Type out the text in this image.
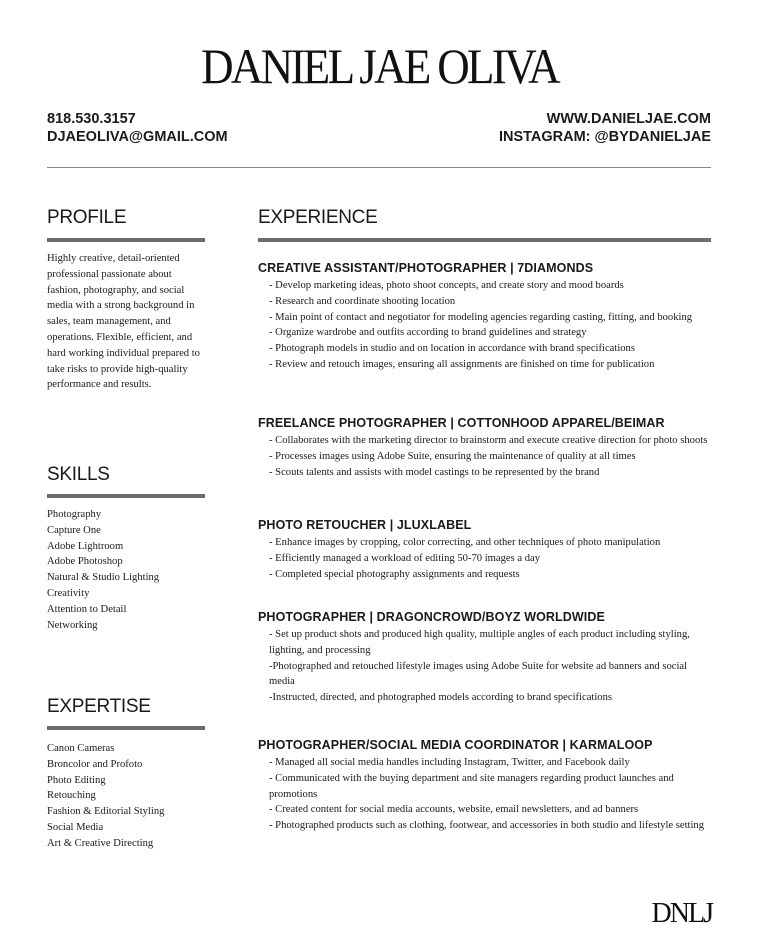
DANIEL JAE OLIVA
818.530.3157
DJAEOLIVA@GMAIL.COM
WWW.DANIELJAE.COM
INSTAGRAM: @BYDANIELJAE
PROFILE
Highly creative, detail-oriented
professional passionate about
fashion, photography, and social
media with a strong background in
sales, team management, and
operations. Flexible, efficient, and
hard working individual prepared to
take risks to provide high-quality
performance and results.
SKILLS
Photography
Capture One
Adobe Lightroom
Adobe Photoshop
Natural & Studio Lighting
Creativity
Attention to Detail
Networking
EXPERTISE
Canon Cameras
Broncolor and Profoto
Photo Editing
Retouching
Fashion & Editorial Styling
Social Media
Art & Creative Directing
EXPERIENCE
CREATIVE ASSISTANT/PHOTOGRAPHER | 7DIAMONDS
- Develop marketing ideas, photo shoot concepts, and create story and mood boards
- Research and coordinate shooting location
- Main point of contact and negotiator for modeling agencies regarding casting, fitting, and booking
- Organize wardrobe and outfits according to brand guidelines and strategy
- Photograph models in studio and on location in accordance with brand specifications
- Review and retouch images, ensuring all assignments are finished on time for publication
FREELANCE PHOTOGRAPHER | COTTONHOOD APPAREL/BEIMAR
- Collaborates with the marketing director to brainstorm and execute creative direction for photo shoots
- Processes images using Adobe Suite, ensuring the maintenance of quality at all times
- Scouts talents and assists with model castings to be represented by the brand
PHOTO RETOUCHER | JLUXLABEL
- Enhance images by cropping, color correcting, and other techniques of photo manipulation
- Efficiently managed a workload of editing 50-70 images a day
- Completed special photography assignments and requests
PHOTOGRAPHER | DRAGONCROWD/BOYZ WORLDWIDE
- Set up product shots and produced high quality, multiple angles of each product including styling, lighting, and processing
-Photographed and retouched lifestyle images using Adobe Suite for website ad banners and social media
-Instructed, directed, and photographed models according to brand specifications
PHOTOGRAPHER/SOCIAL MEDIA COORDINATOR | KARMALOOP
- Managed all social media handles including Instagram, Twitter, and Facebook daily
- Communicated with the buying department and site managers regarding product launches and promotions
- Created content for social media accounts, website, email newsletters, and ad banners
- Photographed products such as clothing, footwear, and accessories in both studio and lifestyle setting
DNLJ
